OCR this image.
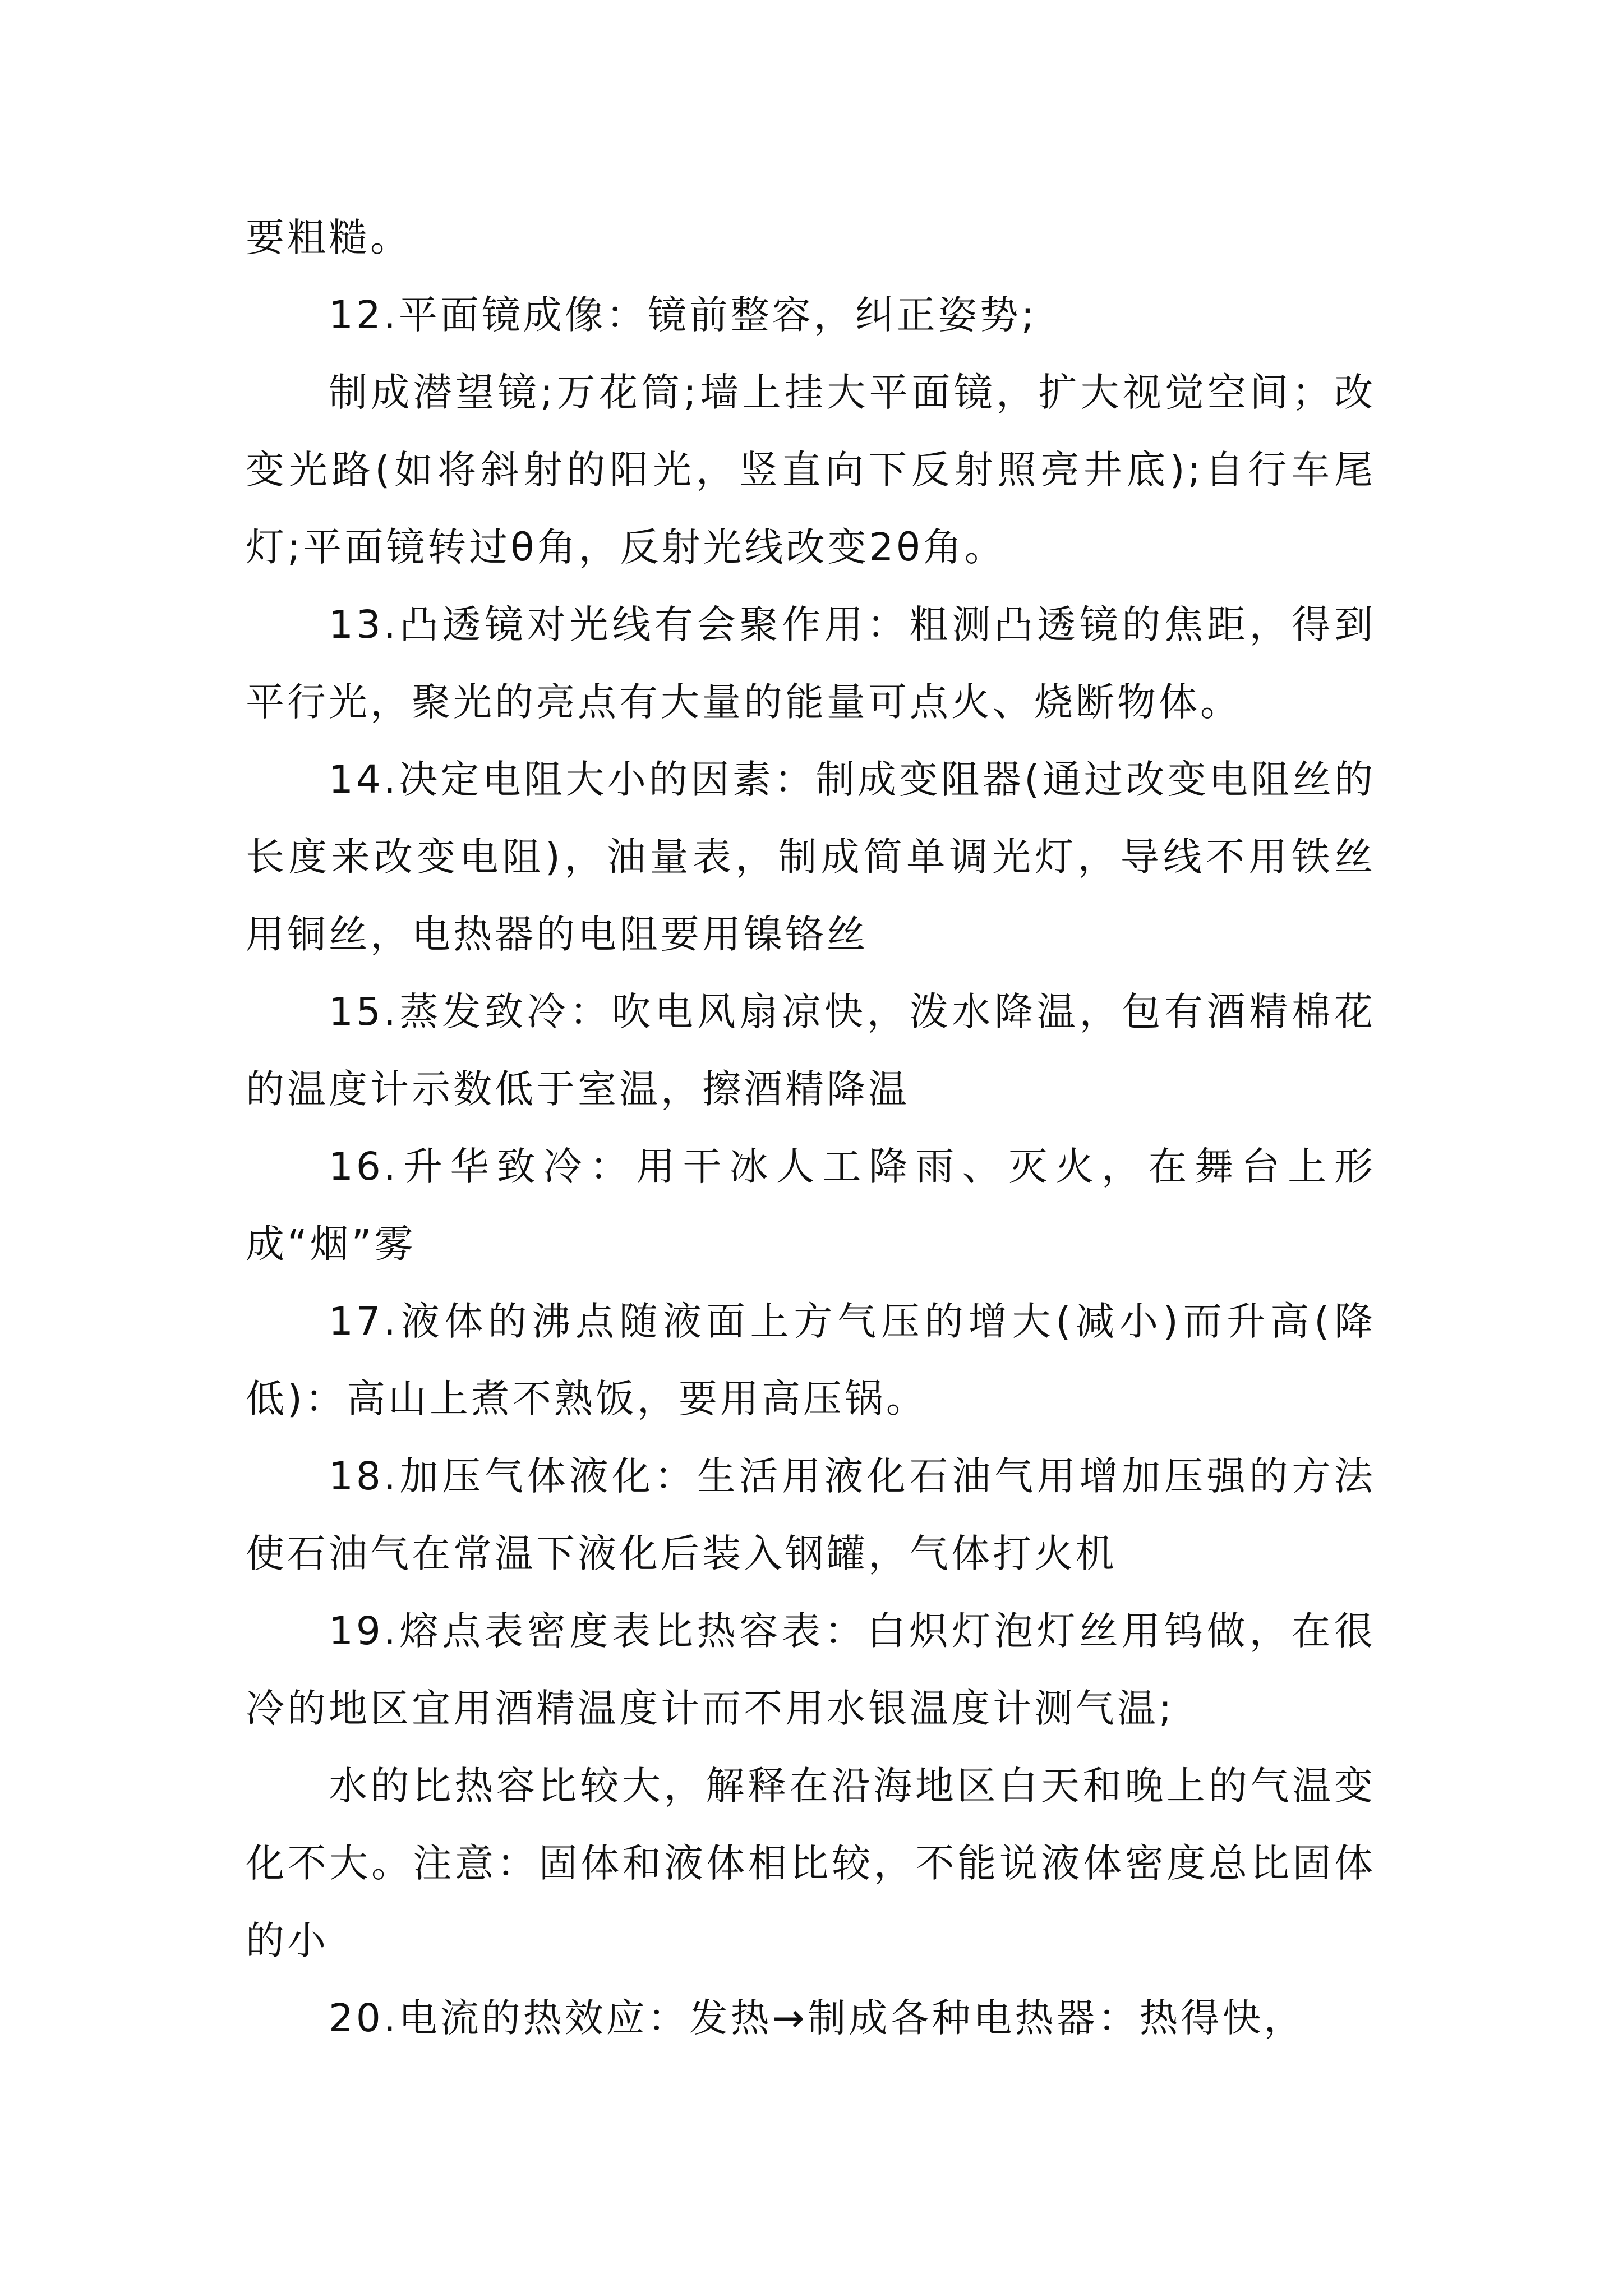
要粗糙。

12.平面镜成像：镜前整容，纠正姿势;

制成潜望镜;万花筒;墙上挂大平面镜，扩大视觉空间；改变光路(如将斜射的阳光，竖直向下反射照亮井底);自行车尾灯;平面镜转过θ角，反射光线改变2θ角。

13.凸透镜对光线有会聚作用：粗测凸透镜的焦距，得到平行光，聚光的亮点有大量的能量可点火、烧断物体。

14.决定电阻大小的因素：制成变阻器(通过改变电阻丝的长度来改变电阻)，油量表，制成简单调光灯，导线不用铁丝用铜丝，电热器的电阻要用镍铬丝

15.蒸发致冷：吹电风扇凉快，泼水降温，包有酒精棉花的温度计示数低于室温，擦酒精降温

16.升华致冷：用干冰人工降雨、灭火，在舞台上形成“烟”雾

17.液体的沸点随液面上方气压的增大(减小)而升高(降低)：高山上煮不熟饭，要用高压锅。

18.加压气体液化：生活用液化石油气用增加压强的方法使石油气在常温下液化后装入钢罐，气体打火机

19.熔点表密度表比热容表：白炽灯泡灯丝用钨做，在很冷的地区宜用酒精温度计而不用水银温度计测气温;

水的比热容比较大，解释在沿海地区白天和晚上的气温变化不大。注意：固体和液体相比较，不能说液体密度总比固体的小

20.电流的热效应：发热→制成各种电热器：热得快，
